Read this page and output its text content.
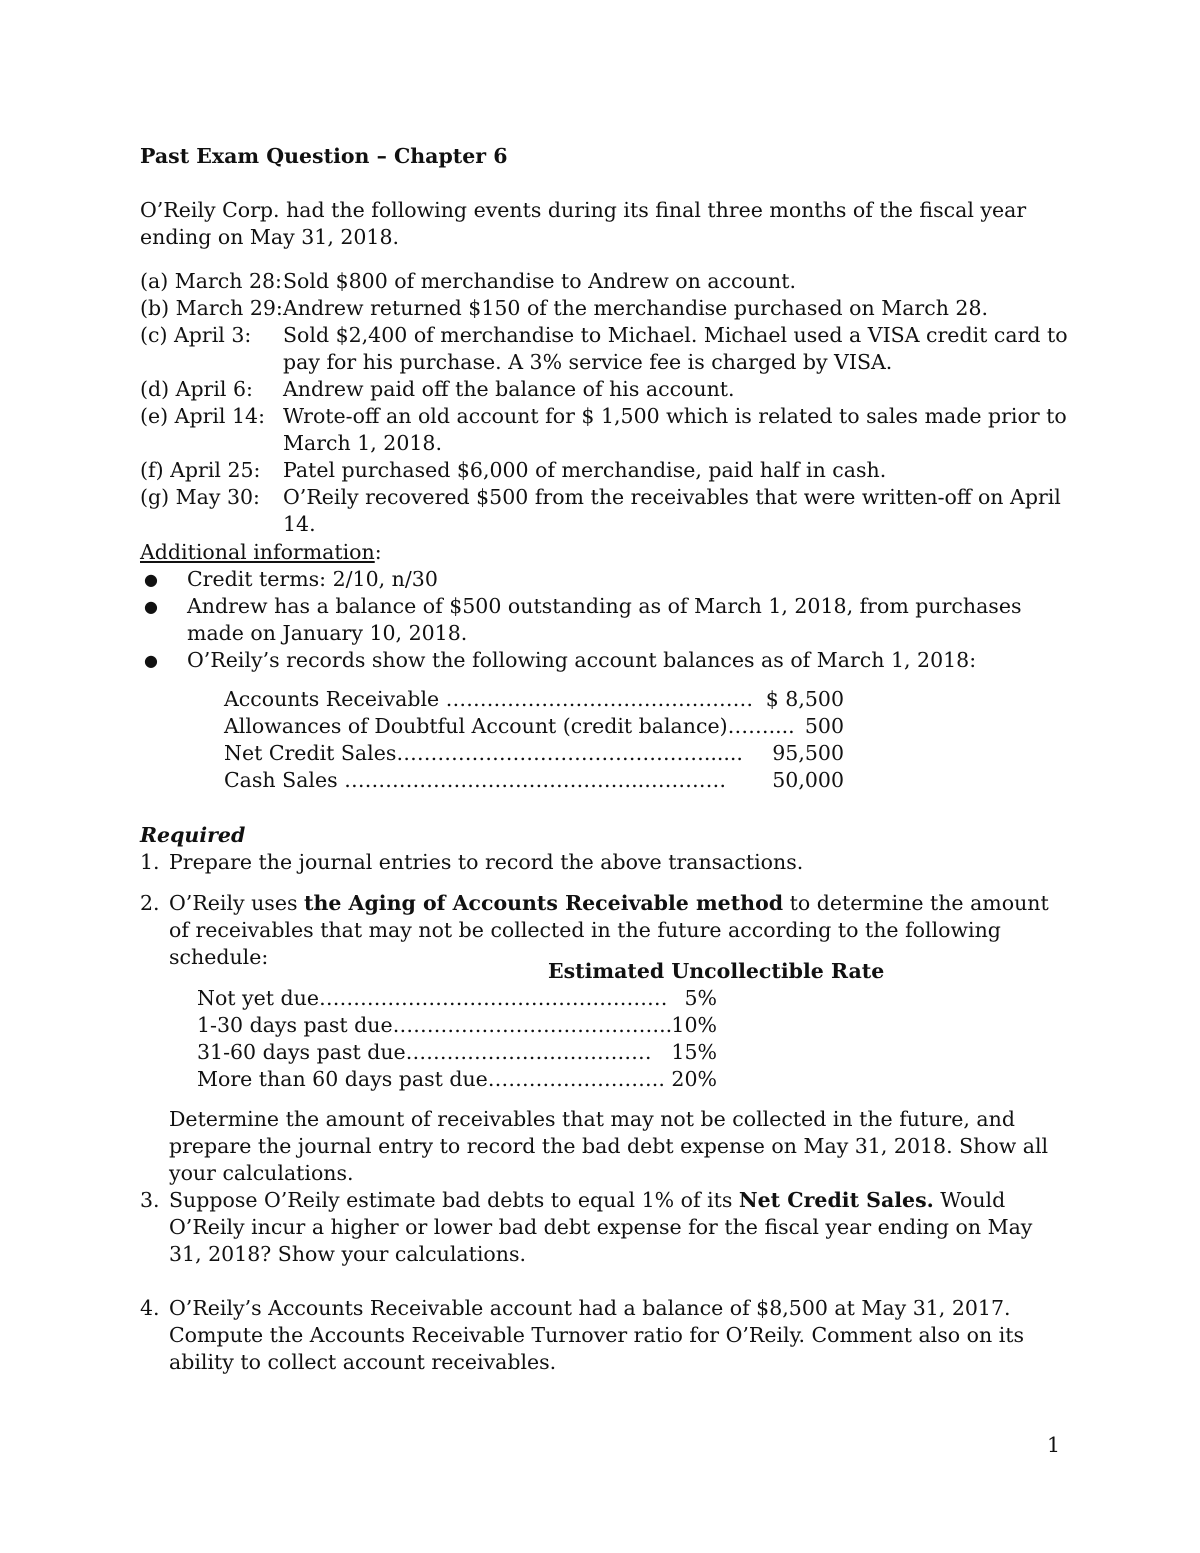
Past Exam Question – Chapter 6
O’Reily Corp. had the following events during its final three months of the fiscal year ending on May 31, 2018.
(a) March 28: Sold $800 of merchandise to Andrew on account.
(b) March 29: Andrew returned $150 of the merchandise purchased on March 28.
(c) April 3:	Sold $2,400 of merchandise to Michael. Michael used a VISA credit card to pay for his purchase. A 3% service fee is charged by VISA.
(d) April 6:	Andrew paid off the balance of his account.
(e) April 14: Wrote-off an old account for $ 1,500 which is related to sales made prior to March 1, 2018.
(f) April 25:	Patel purchased $6,000 of merchandise, paid half in cash.
(g) May 30:	O’Reily recovered $500 from the receivables that were written-off on April 14.
Additional information:
●	Credit terms: 2/10, n/30
●	Andrew has a balance of $500 outstanding as of March 1, 2018, from purchases made on January 10, 2018.
●	O’Reily’s records show the following account balances as of March 1, 2018:
Accounts Receivable ……………………………………… $ 8,500
Allowances of Doubtful Account (credit balance)…….... 500
Net Credit Sales………………………………………...... 95,500
Cash Sales ……………………………………..………… 50,000
Required
1. Prepare the journal entries to record the above transactions.
2. O’Reily uses the Aging of Accounts Receivable method to determine the amount of receivables that may not be collected in the future according to the following schedule:
Estimated Uncollectible Rate
Not yet due…………………………………………… 5%
1-30 days past due………………………………….. 10%
31-60 days past due……………………………… 15%
More than 60 days past due…………………….. 20%
Determine the amount of receivables that may not be collected in the future, and prepare the journal entry to record the bad debt expense on May 31, 2018. Show all your calculations.
3. Suppose O’Reily estimate bad debts to equal 1% of its Net Credit Sales. Would O’Reily incur a higher or lower bad debt expense for the fiscal year ending on May 31, 2018? Show your calculations.
4. O’Reily’s Accounts Receivable account had a balance of $8,500 at May 31, 2017. Compute the Accounts Receivable Turnover ratio for O’Reily. Comment also on its ability to collect account receivables.
1
